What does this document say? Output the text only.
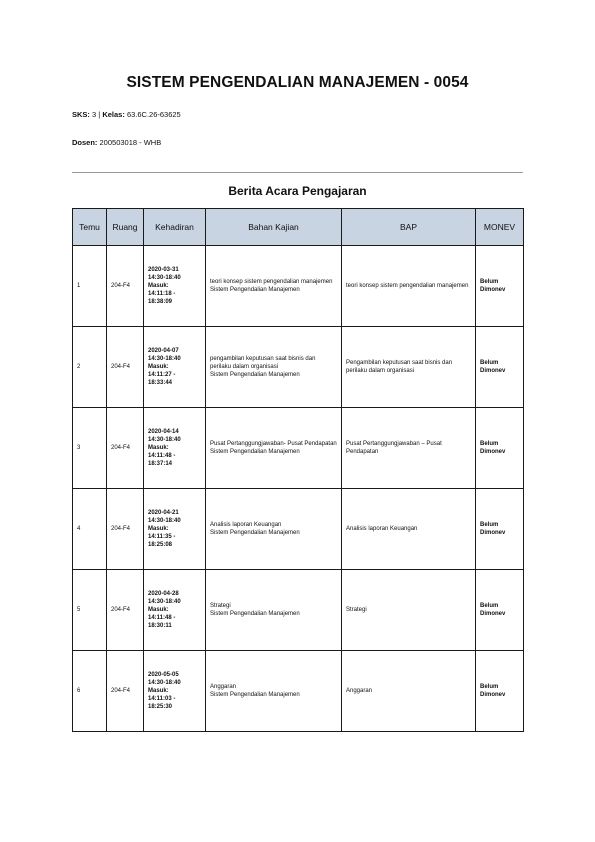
SISTEM PENGENDALIAN MANAJEMEN - 0054
SKS: 3 | Kelas: 63.6C.26-63625
Dosen: 200503018 - WHB
Berita Acara Pengajaran
Temu	Ruang	Kehadiran	Bahan Kajian	BAP	MONEV
1	204-F4	2020-03-31
14:30-18:40
Masuk:
14:11:18 -
18:38:09	teori konsep sistem pengendalian manajemen
Sistem Pengendalian Manajemen	teori konsep sistem pengendalian manajemen	Belum Dimonev
2	204-F4	2020-04-07
14:30-18:40
Masuk:
14:11:27 -
18:33:44	pengambilan keputusan saat bisnis dan perilaku dalam organisasi
Sistem Pengendalian Manajemen	Pengambilan keputusan saat bisnis dan perilaku dalam organisasi	Belum Dimonev
3	204-F4	2020-04-14
14:30-18:40
Masuk:
14:11:48 -
18:37:14	Pusat Pertanggungjawaban- Pusat Pendapatan
Sistem Pengendalian Manajemen	Pusat Pertanggungjawaban – Pusat Pendapatan	Belum Dimonev
4	204-F4	2020-04-21
14:30-18:40
Masuk:
14:11:35 -
18:25:08	Analisis laporan Keuangan
Sistem Pengendalian Manajemen	Analisis laporan Keuangan	Belum Dimonev
5	204-F4	2020-04-28
14:30-18:40
Masuk:
14:11:48 -
18:30:11	Strategi
Sistem Pengendalian Manajemen	Strategi	Belum Dimonev
6	204-F4	2020-05-05
14:30-18:40
Masuk:
14:11:03 -
18:25:30	Anggaran
Sistem Pengendalian Manajemen	Anggaran	Belum Dimonev
